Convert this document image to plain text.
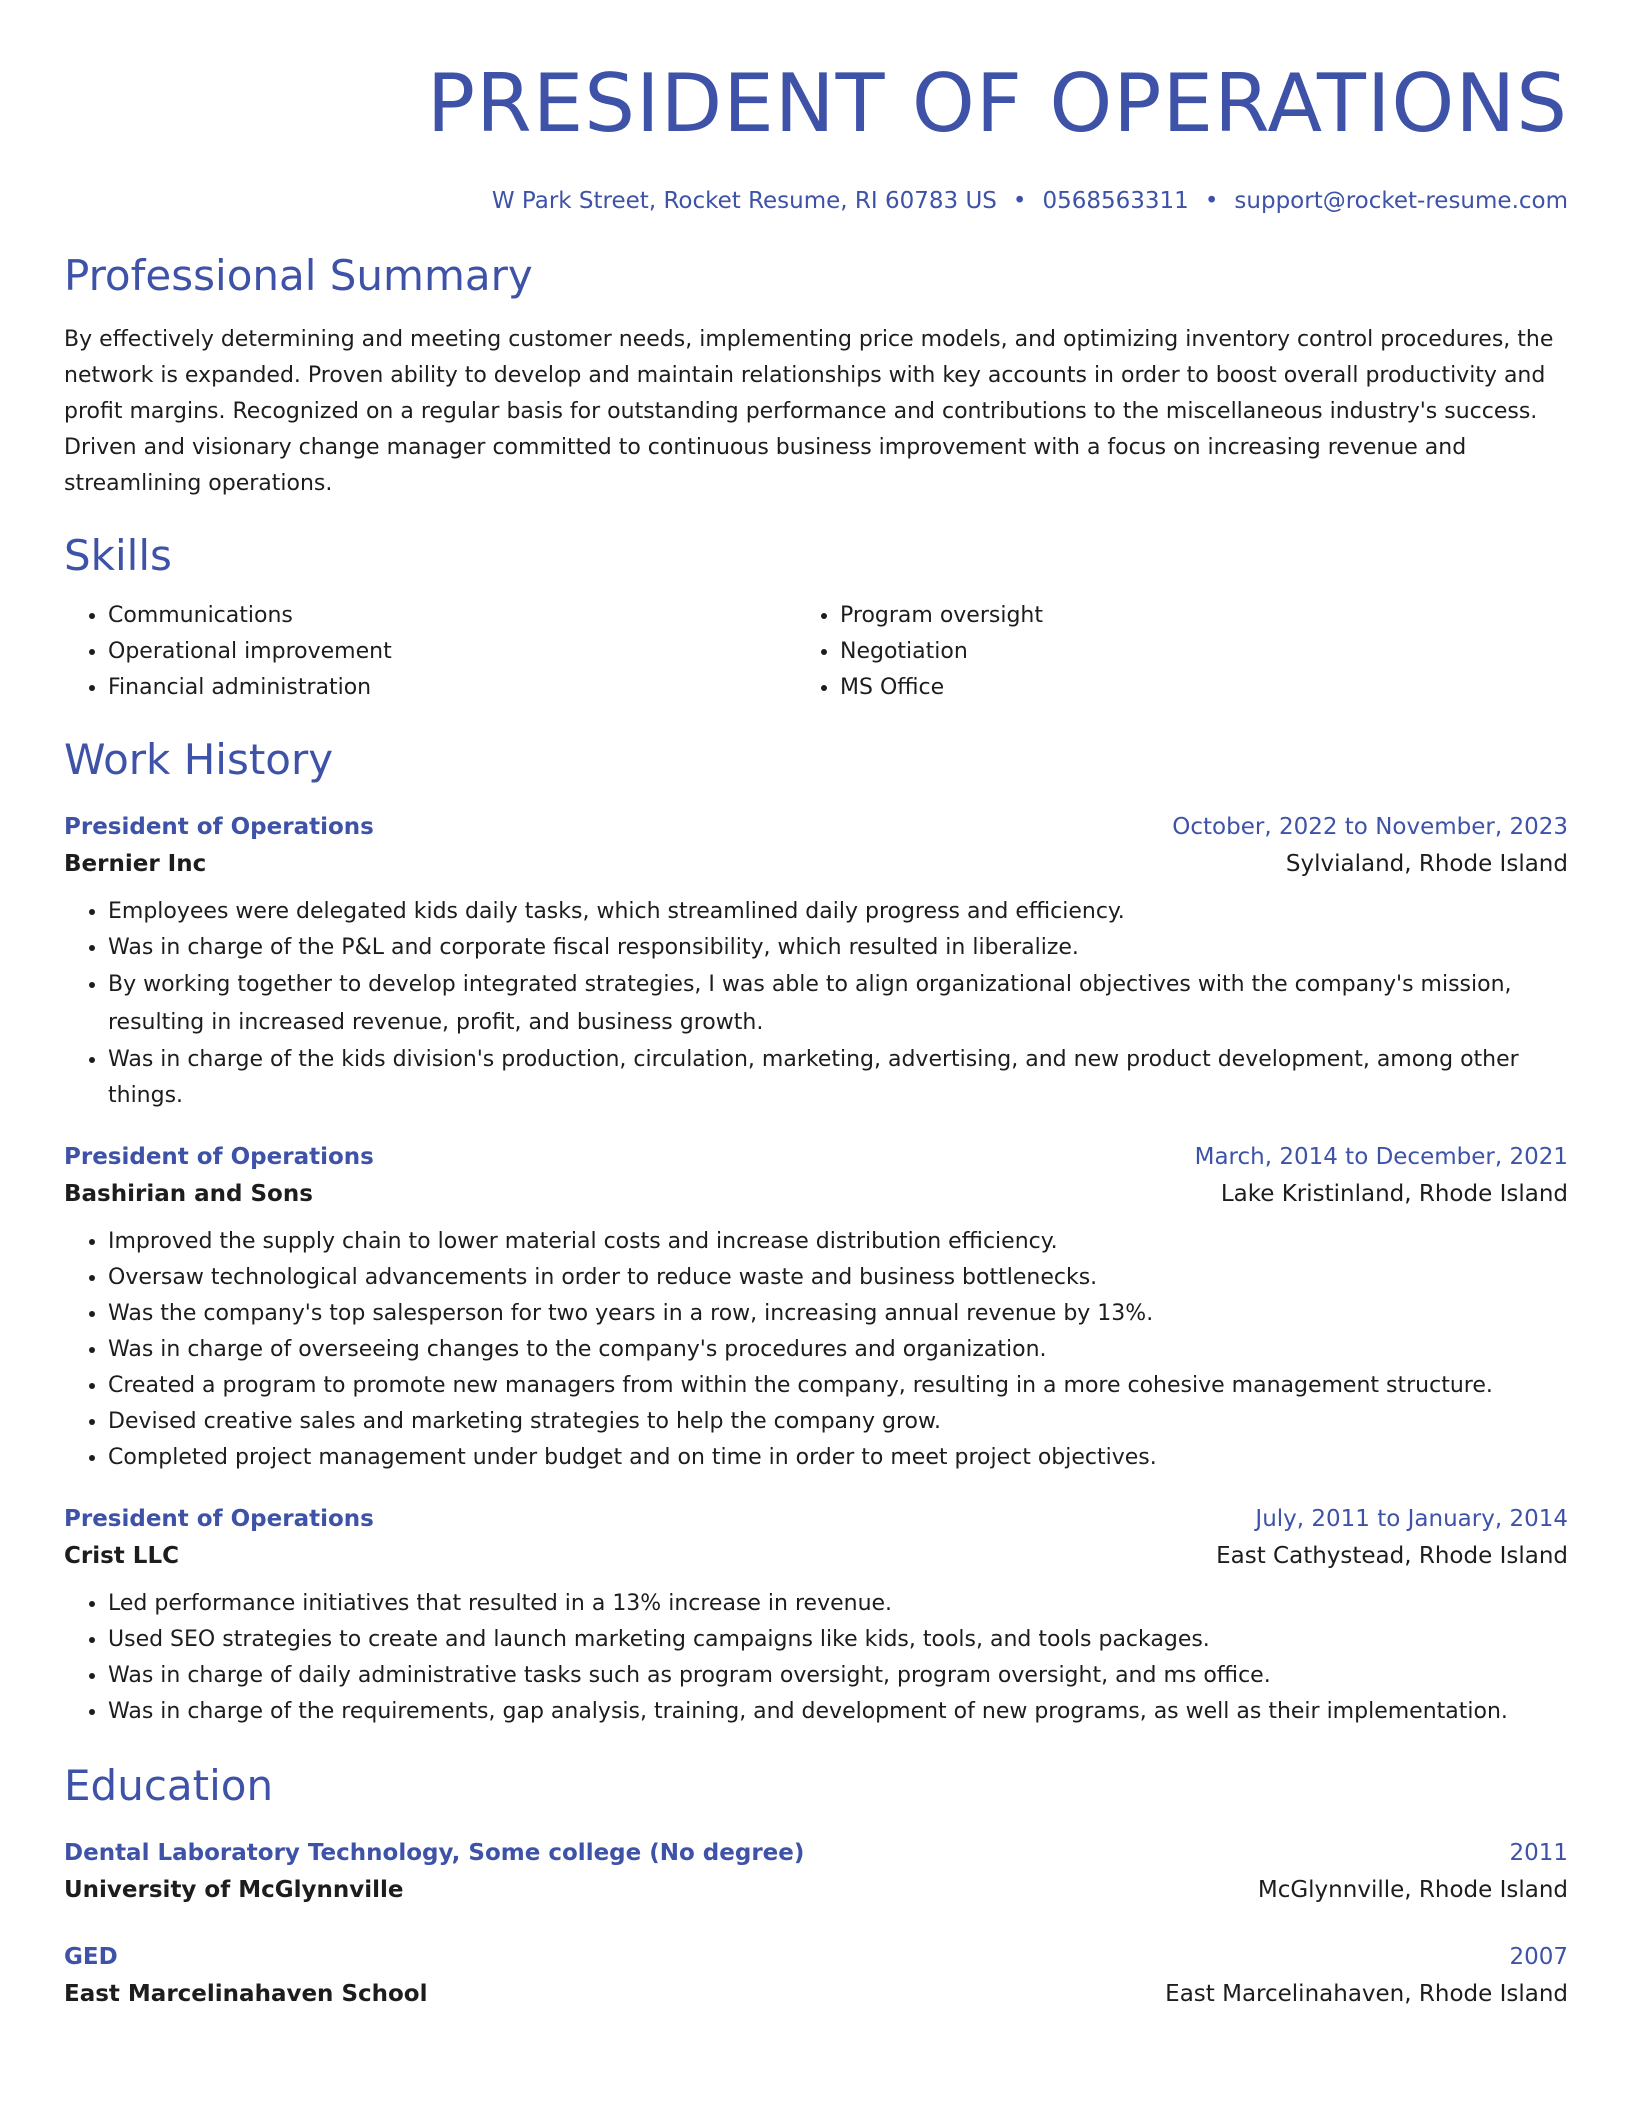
PRESIDENT OF OPERATIONS
W Park Street, Rocket Resume, RI 60783 US • 0568563311 • support@rocket-resume.com
Professional Summary
By effectively determining and meeting customer needs, implementing price models, and optimizing inventory control procedures, the network is expanded. Proven ability to develop and maintain relationships with key accounts in order to boost overall productivity and profit margins. Recognized on a regular basis for outstanding performance and contributions to the miscellaneous industry's success. Driven and visionary change manager committed to continuous business improvement with a focus on increasing revenue and streamlining operations.
Skills
• Communications
• Operational improvement
• Financial administration
• Program oversight
• Negotiation
• MS Office
Work History
President of Operations	October, 2022 to November, 2023
Bernier Inc	Sylvialand, Rhode Island
• Employees were delegated kids daily tasks, which streamlined daily progress and efficiency.
• Was in charge of the P&L and corporate fiscal responsibility, which resulted in liberalize.
• By working together to develop integrated strategies, I was able to align organizational objectives with the company's mission, resulting in increased revenue, profit, and business growth.
• Was in charge of the kids division's production, circulation, marketing, advertising, and new product development, among other things.
President of Operations	March, 2014 to December, 2021
Bashirian and Sons	Lake Kristinland, Rhode Island
• Improved the supply chain to lower material costs and increase distribution efficiency.
• Oversaw technological advancements in order to reduce waste and business bottlenecks.
• Was the company's top salesperson for two years in a row, increasing annual revenue by 13%.
• Was in charge of overseeing changes to the company's procedures and organization.
• Created a program to promote new managers from within the company, resulting in a more cohesive management structure.
• Devised creative sales and marketing strategies to help the company grow.
• Completed project management under budget and on time in order to meet project objectives.
President of Operations	July, 2011 to January, 2014
Crist LLC	East Cathystead, Rhode Island
• Led performance initiatives that resulted in a 13% increase in revenue.
• Used SEO strategies to create and launch marketing campaigns like kids, tools, and tools packages.
• Was in charge of daily administrative tasks such as program oversight, program oversight, and ms office.
• Was in charge of the requirements, gap analysis, training, and development of new programs, as well as their implementation.
Education
Dental Laboratory Technology, Some college (No degree)	2011
University of McGlynnville	McGlynnville, Rhode Island
GED	2007
East Marcelinahaven School	East Marcelinahaven, Rhode Island
